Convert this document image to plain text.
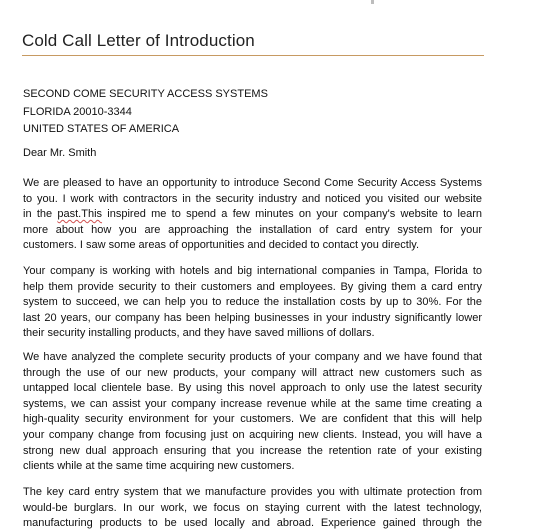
Cold Call Letter of Introduction
SECOND COME SECURITY ACCESS SYSTEMS
FLORIDA 20010-3344
UNITED STATES OF AMERICA
Dear Mr. Smith
We are pleased to have an opportunity to introduce Second Come Security Access Systems
to you. I work with contractors in the security industry and noticed you visited our website
in the past.This inspired me to spend a few minutes on your company's website to learn
more about how you are approaching the installation of card entry system for your
customers. I saw some areas of opportunities and decided to contact you directly.
Your company is working with hotels and big international companies in Tampa, Florida to
help them provide security to their customers and employees. By giving them a card entry
system to succeed, we can help you to reduce the installation costs by up to 30%. For the
last 20 years, our company has been helping businesses in your industry significantly lower
their security installing products, and they have saved millions of dollars.
We have analyzed the complete security products of your company and we have found that
through the use of our new products, your company will attract new customers such as
untapped local clientele base. By using this novel approach to only use the latest security
systems, we can assist your company increase revenue while at the same time creating a
high-quality security environment for your customers. We are confident that this will help
your company change from focusing just on acquiring new clients. Instead, you will have a
strong new dual approach ensuring that you increase the retention rate of your existing
clients while at the same time acquiring new customers.
The key card entry system that we manufacture provides you with ultimate protection from
would-be burglars. In our work, we focus on staying current with the latest technology,
manufacturing products to be used locally and abroad. Experience gained through the
